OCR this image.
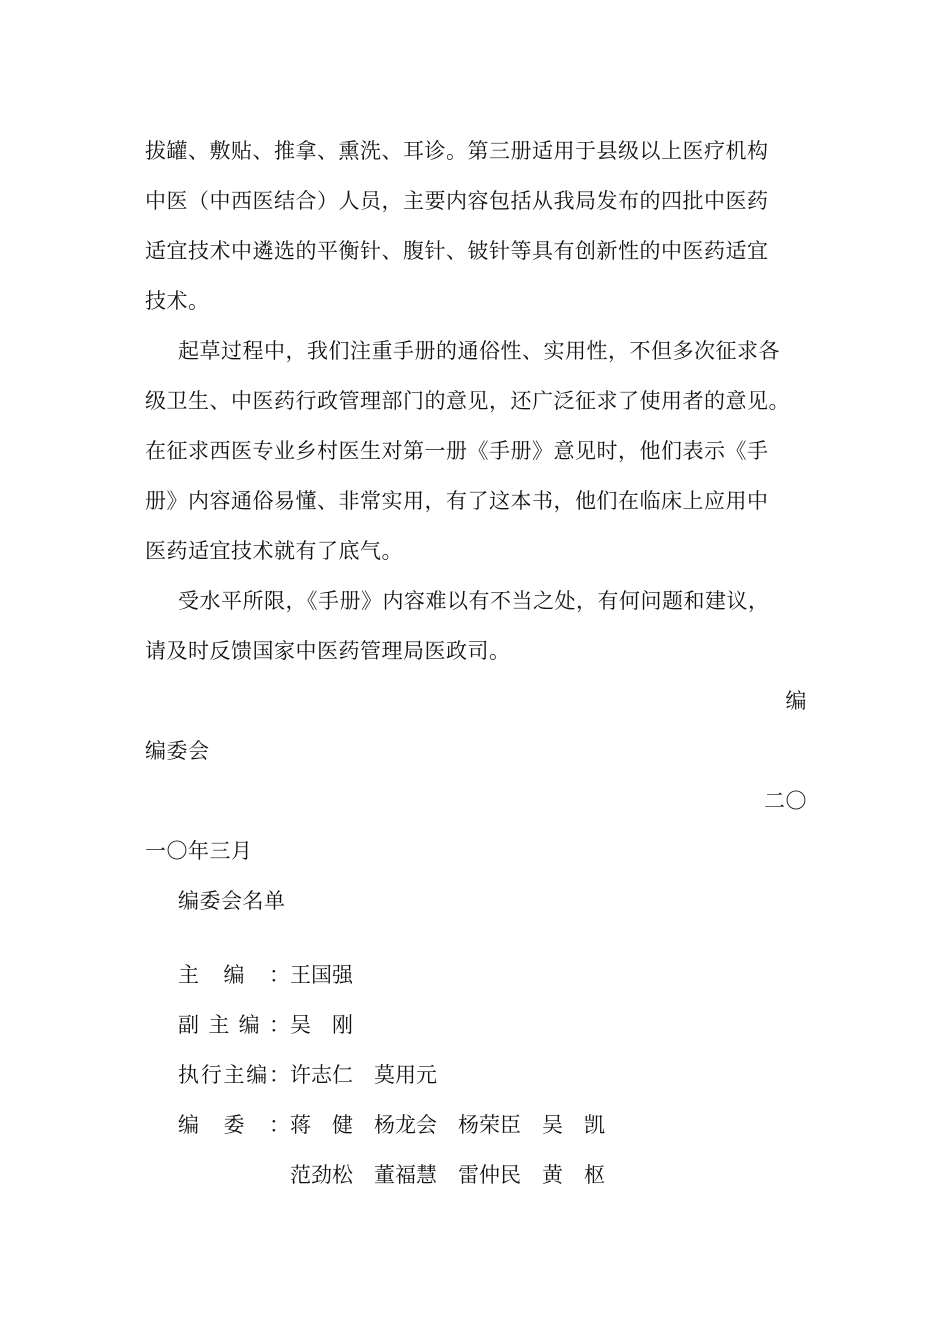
拔罐、敷贴、推拿、熏洗、耳诊。第三册适用于县级以上医疗机构
中医（中西医结合）人员，主要内容包括从我局发布的四批中医药
适宜技术中遴选的平衡针、腹针、铍针等具有创新性的中医药适宜
技术。
起草过程中，我们注重手册的通俗性、实用性，不但多次征求各
级卫生、中医药行政管理部门的意见，还广泛征求了使用者的意见。
在征求西医专业乡村医生对第一册《手册》意见时，他们表示《手
册》内容通俗易懂、非常实用，有了这本书，他们在临床上应用中
医药适宜技术就有了底气。
受水平所限，《手册》内容难以有不当之处，有何问题和建议，
请及时反馈国家中医药管理局医政司。
编
编委会
二〇
一〇年三月
编委会名单
主编： 王国强
副主编： 吴　刚
执行主编： 许志仁　莫用元
编委： 蒋　健　杨龙会　杨荣臣　吴　凯
范劲松　董福慧　雷仲民　黄　枢
